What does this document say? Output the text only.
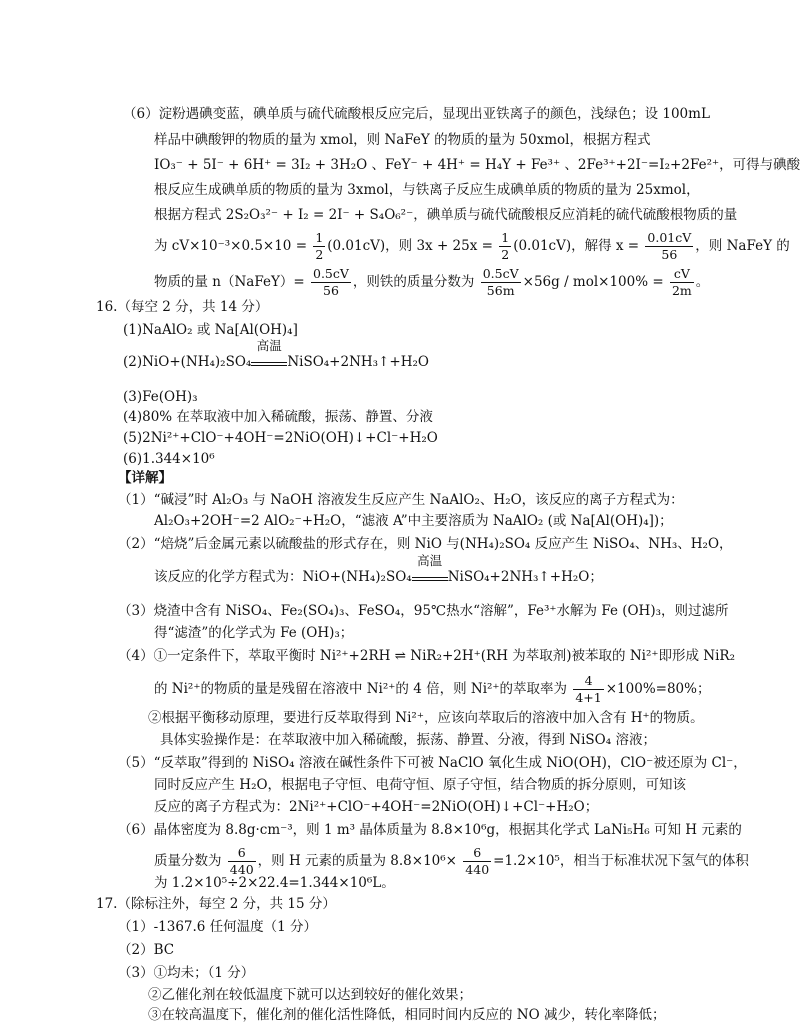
（6）淀粉遇碘变蓝，碘单质与硫代硫酸根反应完后，显现出亚铁离子的颜色，浅绿色；设 100mL
样品中碘酸钾的物质的量为 xmol，则 NaFeY 的物质的量为 50xmol，根据方程式
IO₃⁻ + 5I⁻ + 6H⁺ = 3I₂ + 3H₂O 、FeY⁻ + 4H⁺ = H₄Y + Fe³⁺ 、2Fe³⁺+2I⁻=I₂+2Fe²⁺，可得与碘酸
根反应生成碘单质的物质的量为 3xmol，与铁离子反应生成碘单质的物质的量为 25xmol，
根据方程式 2S₂O₃²⁻ + I₂ = 2I⁻ + S₄O₆²⁻，碘单质与硫代硫酸根反应消耗的硫代硫酸根物质的量
为 $cV\times 10^{-3}\times 0.5\times 10 = \frac{1}{2} (0.01cV)$，则 $3x + 25x = \frac{1}{2} (0.01cV)$，解得 $x = \frac{0.01cV}{56}$ ，则 NaFeY 的
物质的量 n（NaFeY）= $\frac{0.5cV}{56}$ ，则铁的质量分数为 $\frac{0.5cV}{56m} \times 56g / mol\times 100\% = \frac{cV}{2m}$ 。
16.（每空 2 分，共 14 分）
(1)NaAlO₂ 或 Na[Al(OH)₄]
(2)NiO+(NH₄)₂SO₄
高温
NiSO₄+2NH₃↑+H₂O
(3)Fe(OH)₃
(4)80% 在萃取液中加入稀硫酸，振荡、静置、分液
(5)2Ni²⁺+ClO⁻+4OH⁻=2NiO(OH)↓+Cl⁻+H₂O
(6)1.344×10⁶
【详解】
（1）“碱浸”时 Al₂O₃ 与 NaOH 溶液发生反应产生 NaAlO₂、H₂O，该反应的离子方程式为：
Al₂O₃+2OH⁻=2 AlO₂⁻+H₂O，“滤液 A”中主要溶质为 NaAlO₂ (或 Na[Al(OH)₄])；
（2）“焙烧”后金属元素以硫酸盐的形式存在，则 NiO 与(NH₄)₂SO₄ 反应产生 NiSO₄、NH₃、H₂O，
该反应的化学方程式为：NiO+(NH₄)₂SO₄
高温
NiSO₄+2NH₃↑+H₂O；
（3）烧渣中含有 NiSO₄、Fe₂(SO₄)₃、FeSO₄，95℃热水“溶解”，Fe³⁺水解为 Fe (OH)₃，则过滤所
得“滤渣”的化学式为 Fe (OH)₃；
（4）①一定条件下，萃取平衡时 Ni²⁺+2RH ⇌ NiR₂+2H⁺(RH 为萃取剂)被苯取的 Ni²⁺即形成 NiR₂
的 Ni²⁺的物质的量是残留在溶液中 Ni²⁺的 4 倍，则 Ni²⁺的萃取率为 $\frac{4}{4+1} \times 100\%=80\%$；
②根据平衡移动原理，要进行反萃取得到 Ni²⁺，应该向萃取后的溶液中加入含有 H⁺的物质。
具体实验操作是：在萃取液中加入稀硫酸，振荡、静置、分液，得到 NiSO₄ 溶液；
（5）“反萃取”得到的 NiSO₄ 溶液在碱性条件下可被 NaClO 氧化生成 NiO(OH)，ClO⁻被还原为 Cl⁻，
同时反应产生 H₂O，根据电子守恒、电荷守恒、原子守恒，结合物质的拆分原则，可知该
反应的离子方程式为：2Ni²⁺+ClO⁻+4OH⁻=2NiO(OH)↓+Cl⁻+H₂O；
（6）晶体密度为 8.8g·cm⁻³，则 1 m³ 晶体质量为 8.8×10⁶g，根据其化学式 LaNi₅H₆ 可知 H 元素的
质量分数为 $\frac{6}{440}$ ，则 H 元素的质量为 $8.8\times 10^6\times \frac{6}{440} =1.2\times 10^5$，相当于标准状况下氢气的体积
为 1.2×10⁵÷2×22.4=1.344×10⁶L。
17.（除标注外，每空 2 分，共 15 分）
（1）-1367.6 任何温度（1 分）
（2）BC
（3）①均未；（1 分）
②乙催化剂在较低温度下就可以达到较好的催化效果；
③在较高温度下，催化剂的催化活性降低，相同时间内反应的 NO 减少，转化率降低；
